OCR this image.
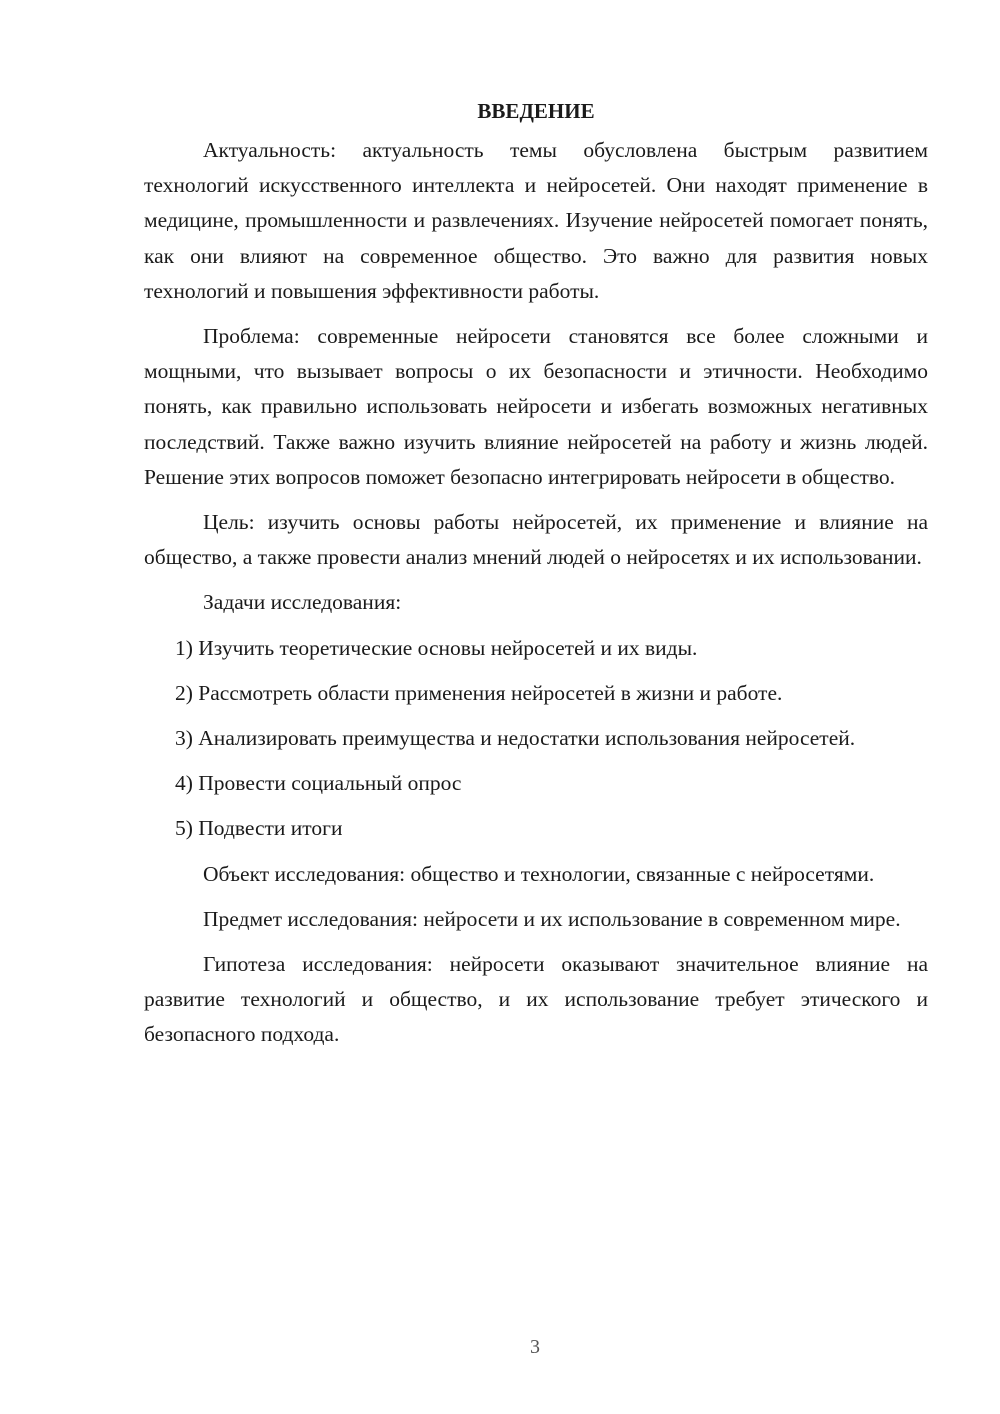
ВВЕДЕНИЕ

Актуальность: актуальность темы обусловлена быстрым развитием технологий искусственного интеллекта и нейросетей. Они находят применение в медицине, промышленности и развлечениях. Изучение нейросетей помогает понять, как они влияют на современное общество. Это важно для развития новых технологий и повышения эффективности работы.

Проблема: современные нейросети становятся все более сложными и мощными, что вызывает вопросы о их безопасности и этичности. Необходимо понять, как правильно использовать нейросети и избегать возможных негативных последствий. Также важно изучить влияние нейросетей на работу и жизнь людей. Решение этих вопросов поможет безопасно интегрировать нейросети в общество.

Цель: изучить основы работы нейросетей, их применение и влияние на общество, а также провести анализ мнений людей о нейросетях и их использовании.

Задачи исследования:

1) Изучить теоретические основы нейросетей и их виды.

2) Рассмотреть области применения нейросетей в жизни и работе.

3) Анализировать преимущества и недостатки использования нейросетей.

4) Провести социальный опрос

5) Подвести итоги

Объект исследования: общество и технологии, связанные с нейросетями.

Предмет исследования: нейросети и их использование в современном мире.

Гипотеза исследования: нейросети оказывают значительное влияние на развитие технологий и общество, и их использование требует этического и безопасного подхода.

3
